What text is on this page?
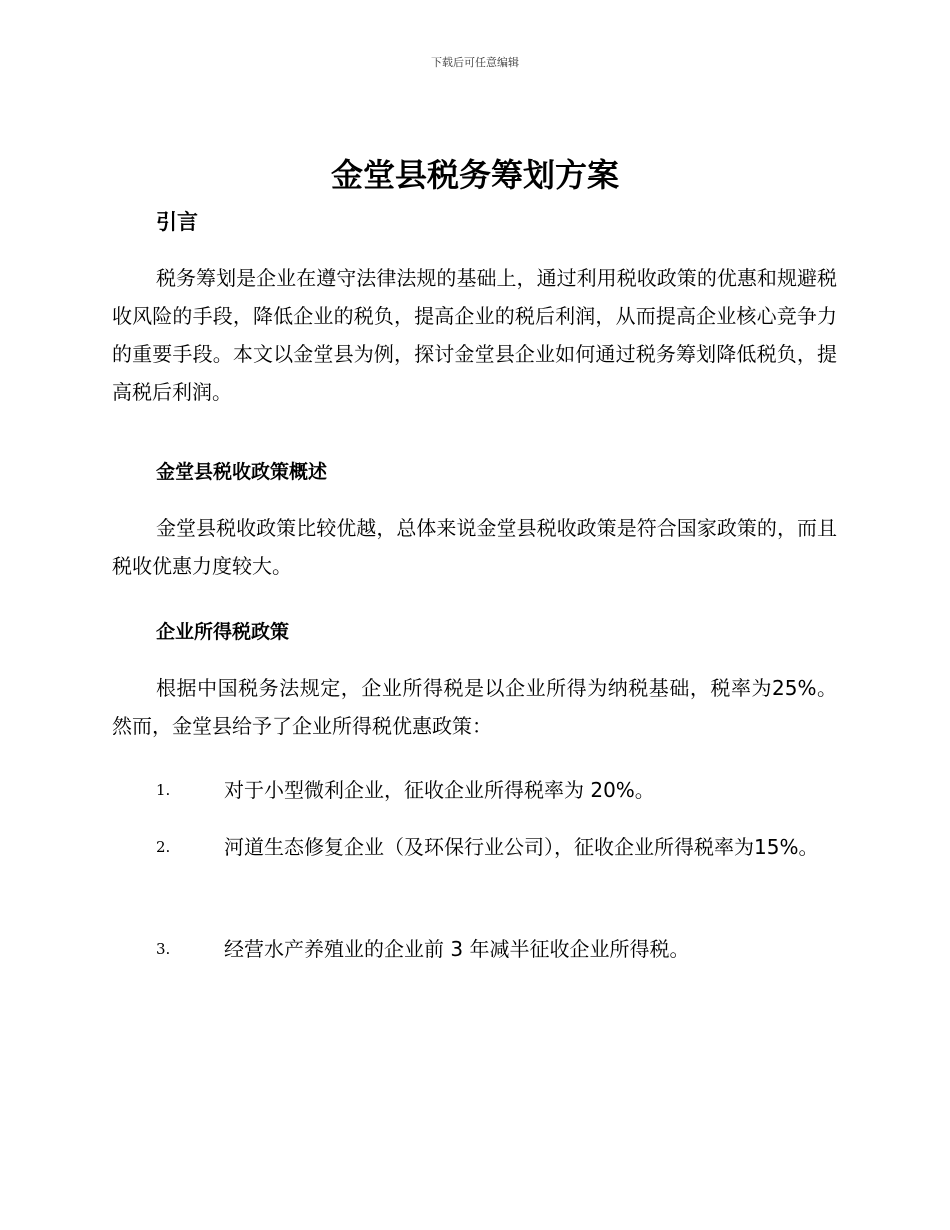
下载后可任意编辑
金堂县税务筹划方案
引言

税务筹划是企业在遵守法律法规的基础上，通过利用税收政策的优惠和规避税收风险的手段，降低企业的税负，提高企业的税后利润，从而提高企业核心竞争力的重要手段。本文以金堂县为例，探讨金堂县企业如何通过税务筹划降低税负，提高税后利润。

金堂县税收政策概述

金堂县税收政策比较优越，总体来说金堂县税收政策是符合国家政策的，而且税收优惠力度较大。

企业所得税政策

根据中国税务法规定，企业所得税是以企业所得为纳税基础，税率为25%。然而，金堂县给予了企业所得税优惠政策：

1.	对于小型微利企业，征收企业所得税率为 20%。
2.	河道生态修复企业（及环保行业公司），征收企业所得税率为15%。
3.	经营水产养殖业的企业前 3 年减半征收企业所得税。
